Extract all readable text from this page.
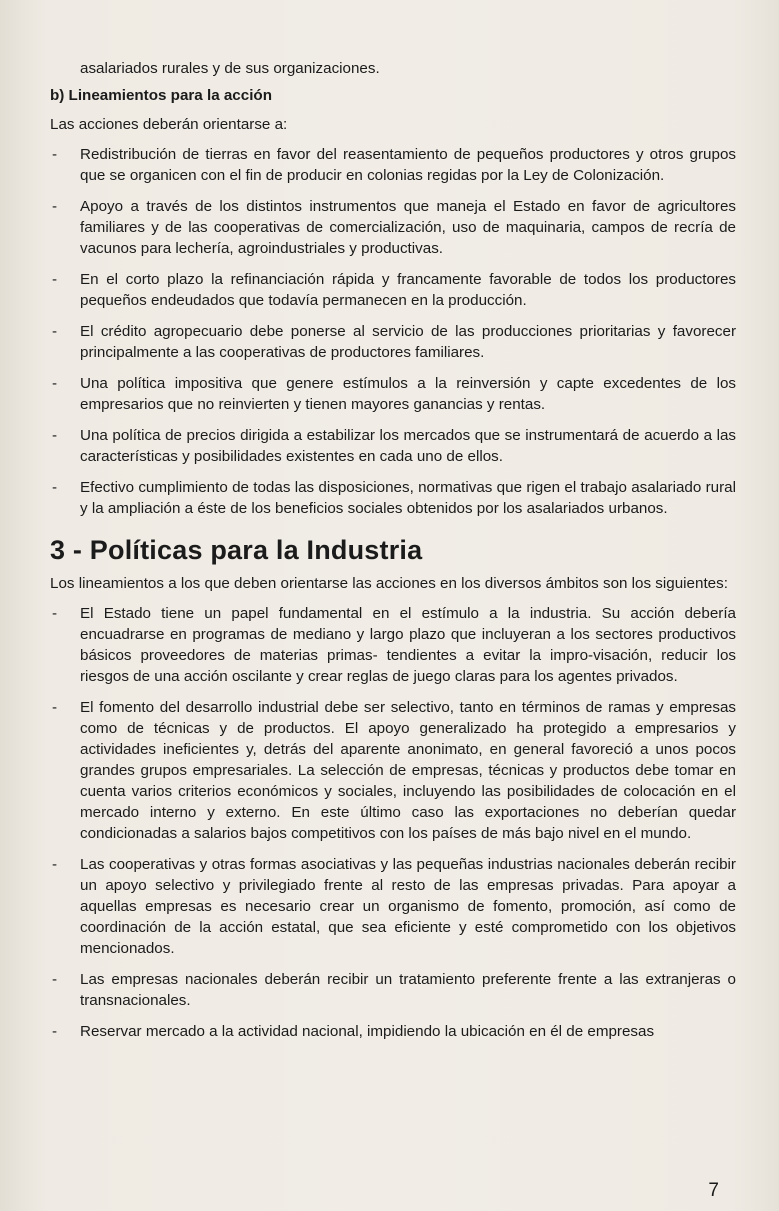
asalariados rurales y de sus organizaciones.

b) Lineamientos para la acción

Las acciones deberán orientarse a:

-	Redistribución de tierras en favor del reasentamiento de pequeños productores y otros grupos que se organicen con el fin de producir en colonias regidas por la Ley de Colonización.
-	Apoyo a través de los distintos instrumentos que maneja el Estado en favor de agricultores familiares y de las cooperativas de comercialización, uso de maquinaria, campos de recría de vacunos para lechería, agroindustriales y productivas.
-	En el corto plazo la refinanciación rápida y francamente favorable de todos los productores pequeños endeudados que todavía permanecen en la producción.
-	El crédito agropecuario debe ponerse al servicio de las producciones prioritarias y favorecer principalmente a las cooperativas de productores familiares.
-	Una política impositiva que genere estímulos a la reinversión y capte excedentes de los empresarios que no reinvierten y tienen mayores ganancias y rentas.
-	Una política de precios dirigida a estabilizar los mercados que se instrumentará de acuerdo a las características y posibilidades existentes en cada uno de ellos.
-	Efectivo cumplimiento de todas las disposiciones, normativas que rigen el trabajo asalariado rural y la ampliación a éste de los beneficios sociales obtenidos por los asalariados urbanos.
3 - Políticas para la Industria

Los lineamientos a los que deben orientarse las acciones en los diversos ámbitos son los siguientes:

-	El Estado tiene un papel fundamental en el estímulo a la industria. Su acción debería encuadrarse en programas de mediano y largo plazo que incluyeran a los sectores productivos básicos proveedores de materias primas- tendientes a evitar la impro-visación, reducir los riesgos de una acción oscilante y crear reglas de juego claras para los agentes privados.
-	El fomento del desarrollo industrial debe ser selectivo, tanto en términos de ramas y empresas como de técnicas y de productos. El apoyo generalizado ha protegido a empresarios y actividades ineficientes y, detrás del aparente anonimato, en general favoreció a unos pocos grandes grupos empresariales. La selección de empresas, técnicas y productos debe tomar en cuenta varios criterios económicos y sociales, incluyendo las posibilidades de colocación en el mercado interno y externo. En este último caso las exportaciones no deberían quedar condicionadas a salarios bajos competitivos con los países de más bajo nivel en el mundo.
-	Las cooperativas y otras formas asociativas y las pequeñas industrias nacionales deberán recibir un apoyo selectivo y privilegiado frente al resto de las empresas privadas. Para apoyar a aquellas empresas es necesario crear un organismo de fomento, promoción, así como de coordinación de la acción estatal, que sea eficiente y esté comprometido con los objetivos mencionados.
-	Las empresas nacionales deberán recibir un tratamiento preferente frente a las extranjeras o transnacionales.
-	Reservar mercado a la actividad nacional, impidiendo la ubicación en él de empresas
7
